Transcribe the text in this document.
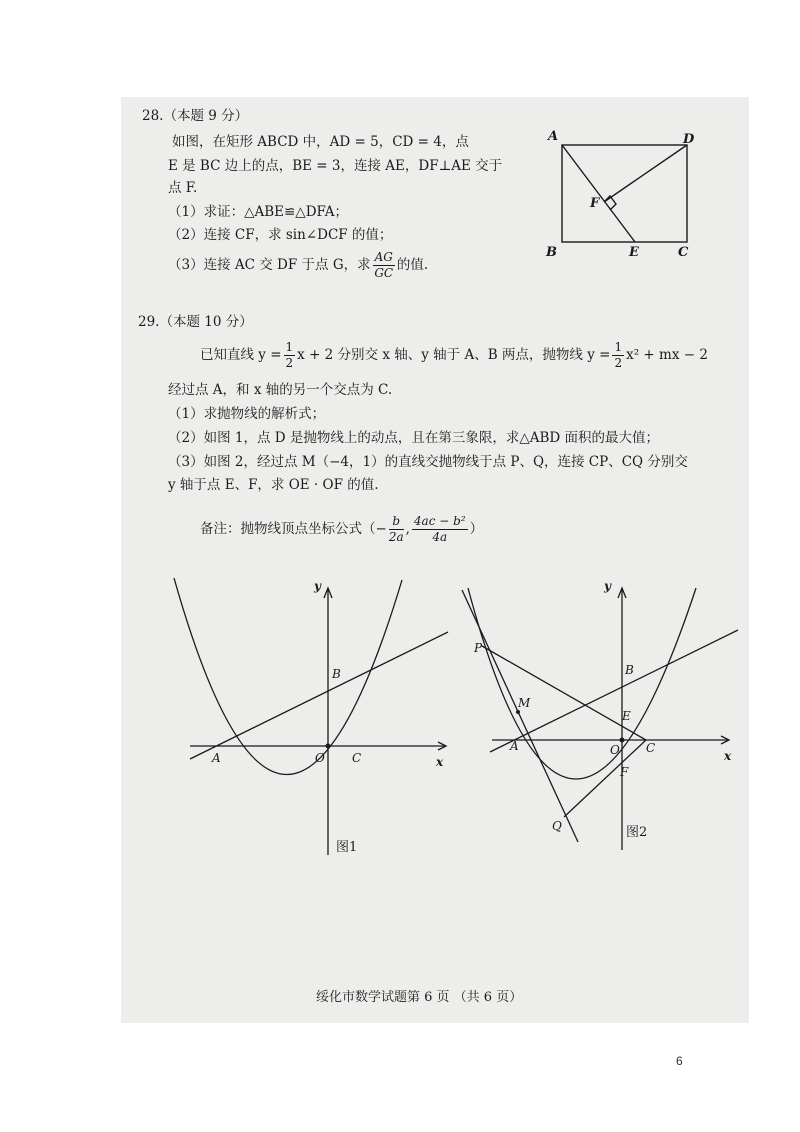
28.（本题 9 分）
如图，在矩形 ABCD 中，AD = 5，CD = 4，点
E 是 BC 边上的点，BE = 3，连接 AE，DF⊥AE 交于
点 F.
（1）求证：△ABE≌△DFA；
（2）连接 CF，求 sin∠DCF 的值；
（3）连接 AC 交 DF 于点 G，求 $\frac{AG}{GC}$ 的值.
A	D
B	E	C
F
29.（本题 10 分）
已知直线 $y = \frac{1}{2}$ x + 2 分别交 x 轴、y 轴于 A、B 两点，抛物线 $y = \frac{1}{2} x^2$ + mx − 2
经过点 A，和 x 轴的另一个交点为 C.
（1）求抛物线的解析式；
（2）如图 1，点 D 是抛物线上的动点，且在第三象限，求△ABD 面积的最大值；
（3）如图 2，经过点 M（−4，1）的直线交抛物线于点 P、Q，连接 CP、CQ 分别交
y 轴于点 E、F，求 OE · OF 的值.
备注：抛物线顶点坐标公式（− $\frac{b}{2a}$ , $\frac{\text{4ac − b²}}{4a}$ ）
y
x
A
B
O C
图1
y
x
P
M
A
B
E
O C
F
Q	图2
绥化市数学试题第 6 页 （共 6 页）
6
